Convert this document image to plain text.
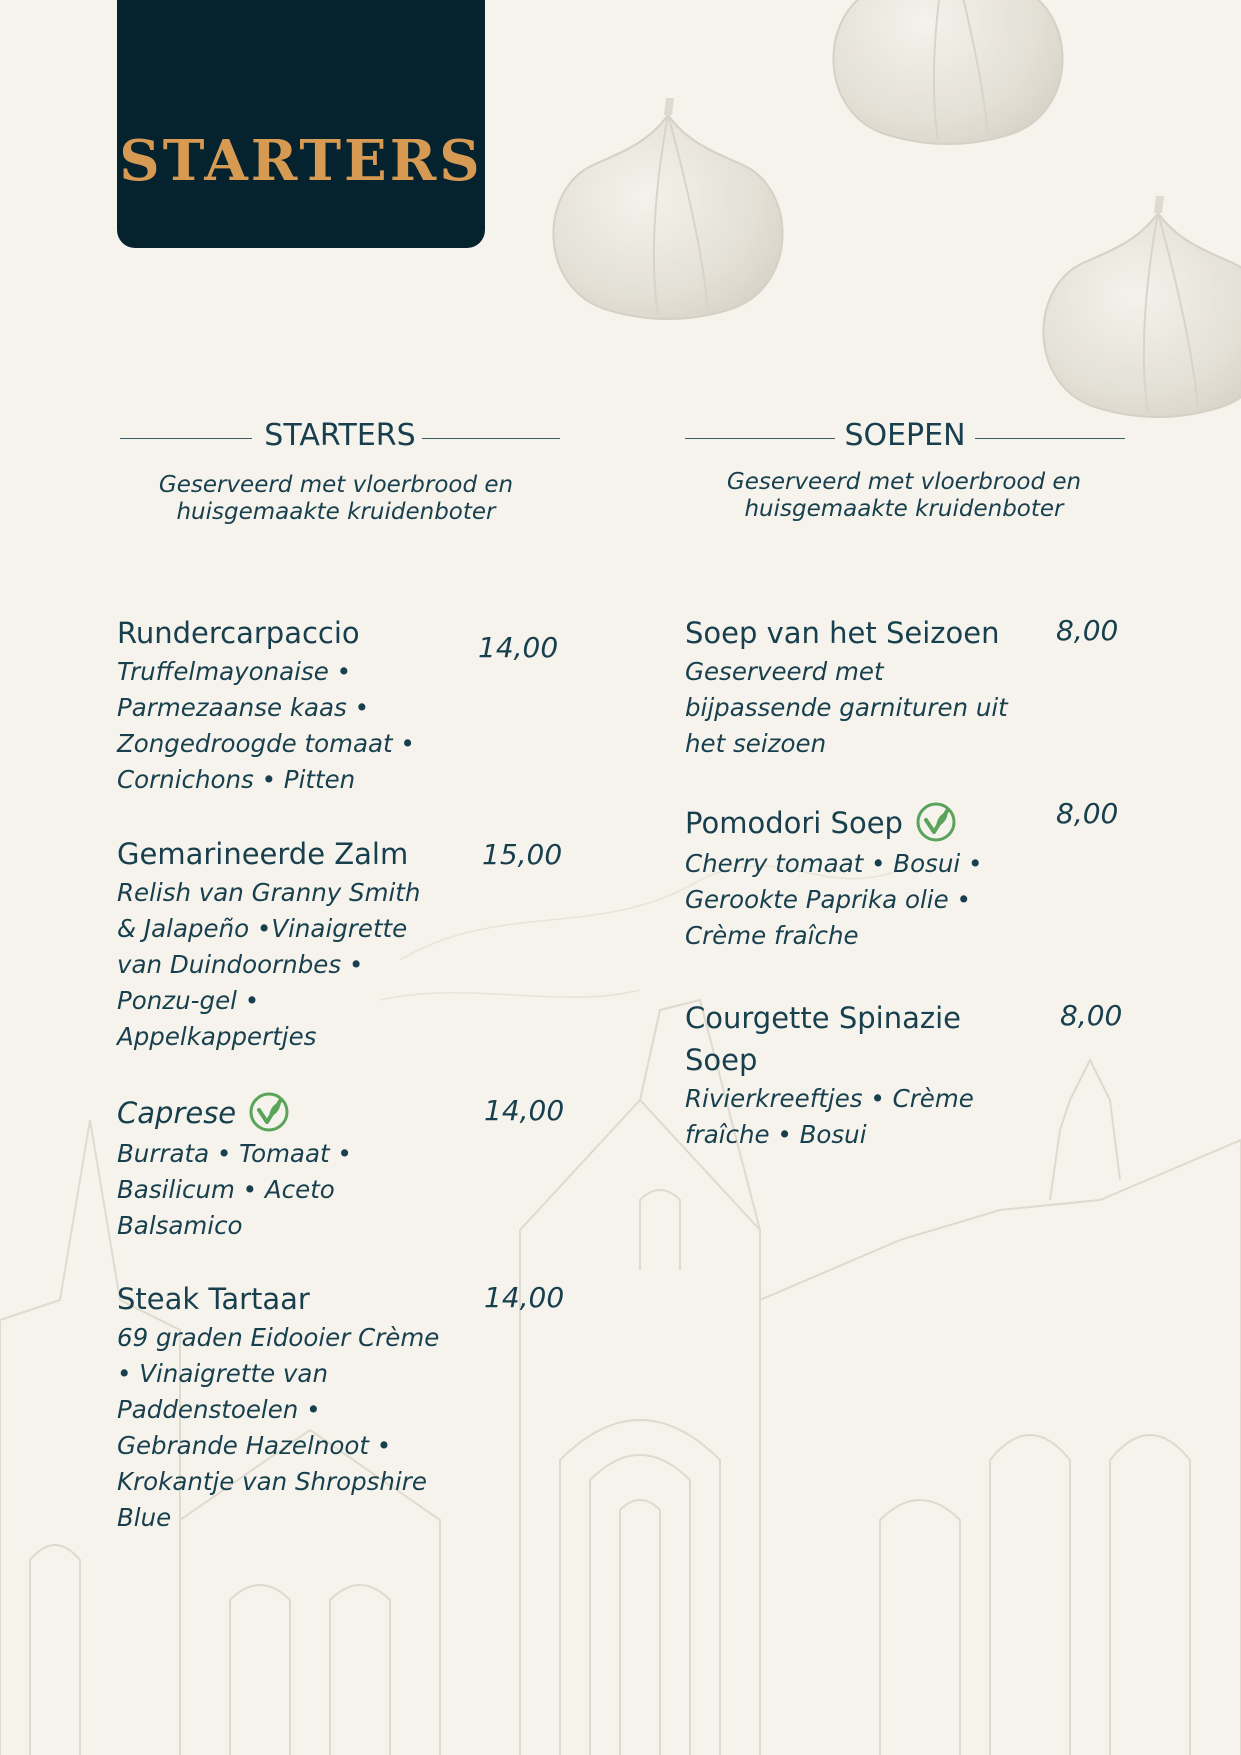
STARTERS
STARTERS
Geserveerd met vloerbrood en
huisgemaakte kruidenboter
Rundercarpaccio
Truffelmayonaise • Parmezaanse kaas • Zongedroogde tomaat • Cornichons • Pitten
14,00
Gemarineerde Zalm
Relish van Granny Smith & Jalapeño •Vinaigrette van Duindoornbes • Ponzu-gel • Appelkappertjes
15,00
Caprese
Burrata • Tomaat • Basilicum • Aceto Balsamico
14,00
Steak Tartaar
69 graden Eidooier Crème • Vinaigrette van Paddenstoelen • Gebrande Hazelnoot • Krokantje van Shropshire Blue
14,00
SOEPEN
Geserveerd met vloerbrood en
huisgemaakte kruidenboter
Soep van het Seizoen
Geserveerd met bijpassende garnituren uit het seizoen
8,00
Pomodori Soep
Cherry tomaat • Bosui • Gerookte Paprika olie • Crème fraîche
8,00
Courgette Spinazie Soep
Rivierkreeftjes • Crème fraîche • Bosui
8,00
